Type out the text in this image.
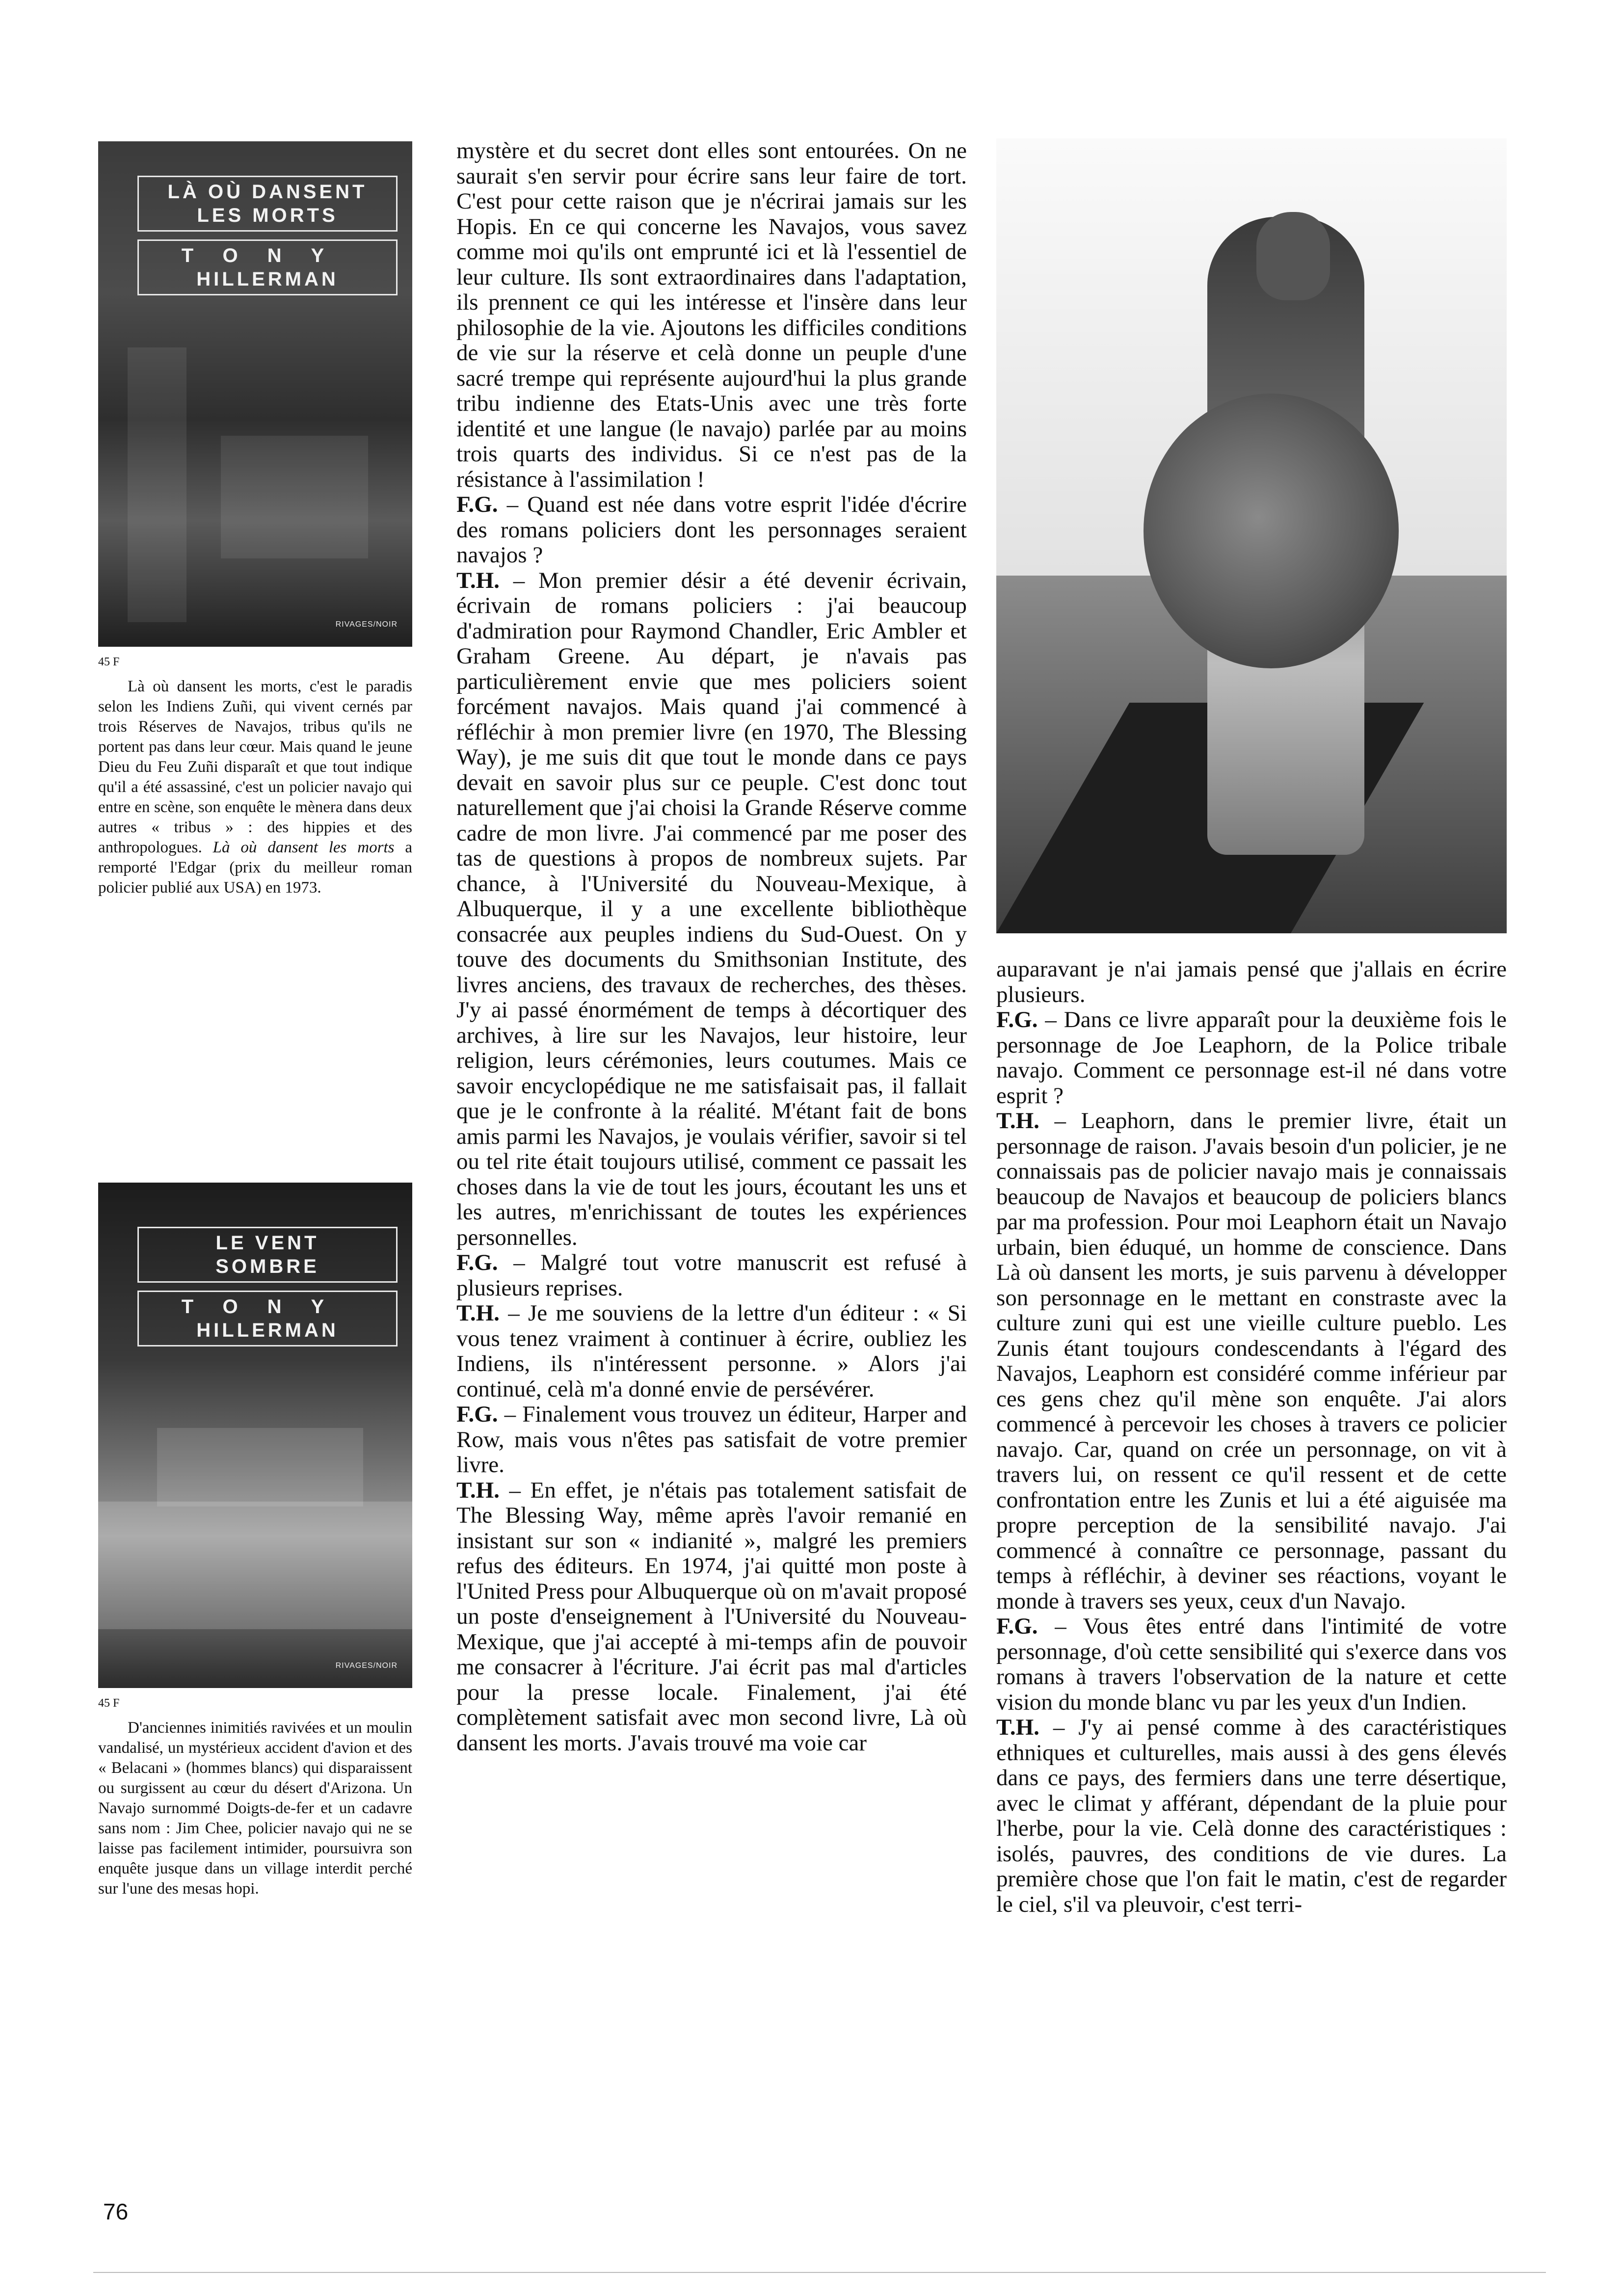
LÀ OÙ DANSENT
LES MORTS
TONY
HILLERMAN
RIVAGES/NOIR
45 F
Là où dansent les morts, c'est le paradis selon les Indiens Zuñi, qui vivent cernés par trois Réserves de Navajos, tribus qu'ils ne portent pas dans leur cœur. Mais quand le jeune Dieu du Feu Zuñi disparaît et que tout indique qu'il a été assassiné, c'est un policier navajo qui entre en scène, son enquête le mènera dans deux autres « tribus » : des hippies et des anthropologues. Là où dansent les morts a remporté l'Edgar (prix du meilleur roman policier publié aux USA) en 1973.
LE VENT
SOMBRE
TONY
HILLERMAN
RIVAGES/NOIR
45 F
D'anciennes inimitiés ravivées et un moulin vandalisé, un mystérieux accident d'avion et des « Belacani » (hommes blancs) qui disparaissent ou surgissent au cœur du désert d'Arizona. Un Navajo surnommé Doigts-de-fer et un cadavre sans nom : Jim Chee, policier navajo qui ne se laisse pas facilement intimider, poursuivra son enquête jusque dans un village interdit perché sur l'une des mesas hopi.

mystère et du secret dont elles sont entourées. On ne saurait s'en servir pour écrire sans leur faire de tort. C'est pour cette raison que je n'écrirai jamais sur les Hopis. En ce qui concerne les Navajos, vous savez comme moi qu'ils ont emprunté ici et là l'essentiel de leur culture. Ils sont extraordinaires dans l'adaptation, ils prennent ce qui les intéresse et l'insère dans leur philosophie de la vie. Ajoutons les difficiles conditions de vie sur la réserve et celà donne un peuple d'une sacré trempe qui représente aujourd'hui la plus grande tribu indienne des Etats-Unis avec une très forte identité et une langue (le navajo) parlée par au moins trois quarts des individus. Si ce n'est pas de la résistance à l'assimilation !

F.G. – Quand est née dans votre esprit l'idée d'écrire des romans policiers dont les personnages seraient navajos ?

T.H. – Mon premier désir a été devenir écrivain, écrivain de romans policiers : j'ai beaucoup d'admiration pour Raymond Chandler, Eric Ambler et Graham Greene. Au départ, je n'avais pas particulièrement envie que mes policiers soient forcément navajos. Mais quand j'ai commencé à réfléchir à mon premier livre (en 1970, The Blessing Way), je me suis dit que tout le monde dans ce pays devait en savoir plus sur ce peuple. C'est donc tout naturellement que j'ai choisi la Grande Réserve comme cadre de mon livre. J'ai commencé par me poser des tas de questions à propos de nombreux sujets. Par chance, à l'Université du Nouveau-Mexique, à Albuquerque, il y a une excellente bibliothèque consacrée aux peuples indiens du Sud-Ouest. On y touve des documents du Smithsonian Institute, des livres anciens, des travaux de recherches, des thèses. J'y ai passé énormément de temps à décortiquer des archives, à lire sur les Navajos, leur histoire, leur religion, leurs cérémonies, leurs coutumes. Mais ce savoir encyclopédique ne me satisfaisait pas, il fallait que je le confronte à la réalité. M'étant fait de bons amis parmi les Navajos, je voulais vérifier, savoir si tel ou tel rite était toujours utilisé, comment ce passait les choses dans la vie de tout les jours, écoutant les uns et les autres, m'enrichissant de toutes les expériences personnelles.

F.G. – Malgré tout votre manuscrit est refusé à plusieurs reprises.

T.H. – Je me souviens de la lettre d'un éditeur : « Si vous tenez vraiment à continuer à écrire, oubliez les Indiens, ils n'intéressent personne. » Alors j'ai continué, celà m'a donné envie de persévérer.

F.G. – Finalement vous trouvez un éditeur, Harper and Row, mais vous n'êtes pas satisfait de votre premier livre.

T.H. – En effet, je n'étais pas totalement satisfait de The Blessing Way, même après l'avoir remanié en insistant sur son « indianité », malgré les premiers refus des éditeurs. En 1974, j'ai quitté mon poste à l'United Press pour Albuquerque où on m'avait proposé un poste d'enseignement à l'Université du Nouveau-Mexique, que j'ai accepté à mi-temps afin de pouvoir me consacrer à l'écriture. J'ai écrit pas mal d'articles pour la presse locale. Finalement, j'ai été complètement satisfait avec mon second livre, Là où dansent les morts. J'avais trouvé ma voie car

auparavant je n'ai jamais pensé que j'allais en écrire plusieurs.

F.G. – Dans ce livre apparaît pour la deuxième fois le personnage de Joe Leaphorn, de la Police tribale navajo. Comment ce personnage est-il né dans votre esprit ?

T.H. – Leaphorn, dans le premier livre, était un personnage de raison. J'avais besoin d'un policier, je ne connaissais pas de policier navajo mais je connaissais beaucoup de Navajos et beaucoup de policiers blancs par ma profession. Pour moi Leaphorn était un Navajo urbain, bien éduqué, un homme de conscience. Dans Là où dansent les morts, je suis parvenu à développer son personnage en le mettant en constraste avec la culture zuni qui est une vieille culture pueblo. Les Zunis étant toujours condescendants à l'égard des Navajos, Leaphorn est considéré comme inférieur par ces gens chez qu'il mène son enquête. J'ai alors commencé à percevoir les choses à travers ce policier navajo. Car, quand on crée un personnage, on vit à travers lui, on ressent ce qu'il ressent et de cette confrontation entre les Zunis et lui a été aiguisée ma propre perception de la sensibilité navajo. J'ai commencé à connaître ce personnage, passant du temps à réfléchir, à deviner ses réactions, voyant le monde à travers ses yeux, ceux d'un Navajo.

F.G. – Vous êtes entré dans l'intimité de votre personnage, d'où cette sensibilité qui s'exerce dans vos romans à travers l'observation de la nature et cette vision du monde blanc vu par les yeux d'un Indien.

T.H. – J'y ai pensé comme à des caractéristiques ethniques et culturelles, mais aussi à des gens élevés dans ce pays, des fermiers dans une terre désertique, avec le climat y afférant, dépendant de la pluie pour l'herbe, pour la vie. Celà donne des caractéristiques : isolés, pauvres, des conditions de vie dures. La première chose que l'on fait le matin, c'est de regarder le ciel, s'il va pleuvoir, c'est terri-

76
